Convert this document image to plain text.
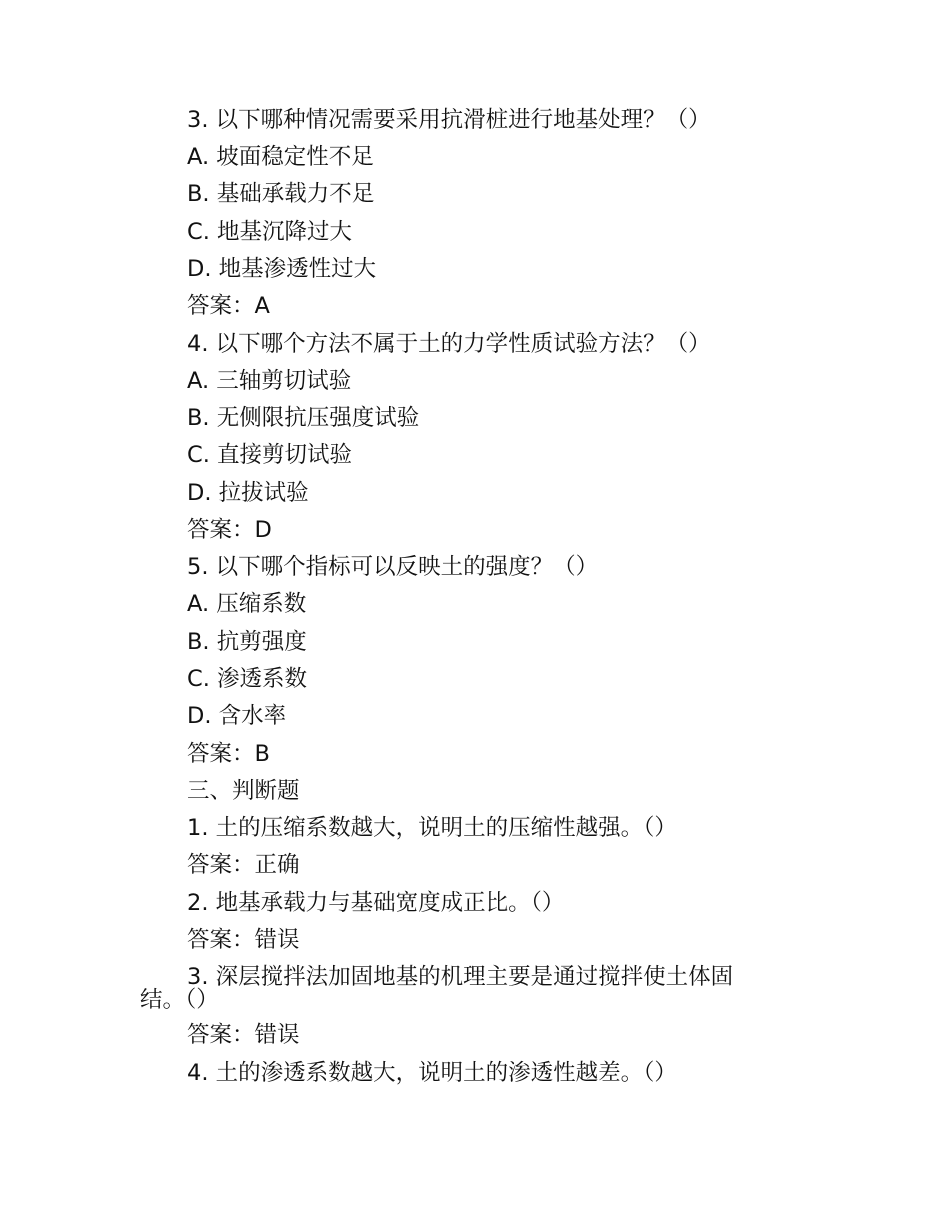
3. 以下哪种情况需要采用抗滑桩进行地基处理？（）
A. 坡面稳定性不足
B. 基础承载力不足
C. 地基沉降过大
D. 地基渗透性过大
答案：A
4. 以下哪个方法不属于土的力学性质试验方法？（）
A. 三轴剪切试验
B. 无侧限抗压强度试验
C. 直接剪切试验
D. 拉拔试验
答案：D
5. 以下哪个指标可以反映土的强度？（）
A. 压缩系数
B. 抗剪强度
C. 渗透系数
D. 含水率
答案：B
三、判断题
1. 土的压缩系数越大，说明土的压缩性越强。（）
答案：正确
2. 地基承载力与基础宽度成正比。（）
答案：错误
3. 深层搅拌法加固地基的机理主要是通过搅拌使土体固
结。（）
答案：错误
4. 土的渗透系数越大，说明土的渗透性越差。（）
